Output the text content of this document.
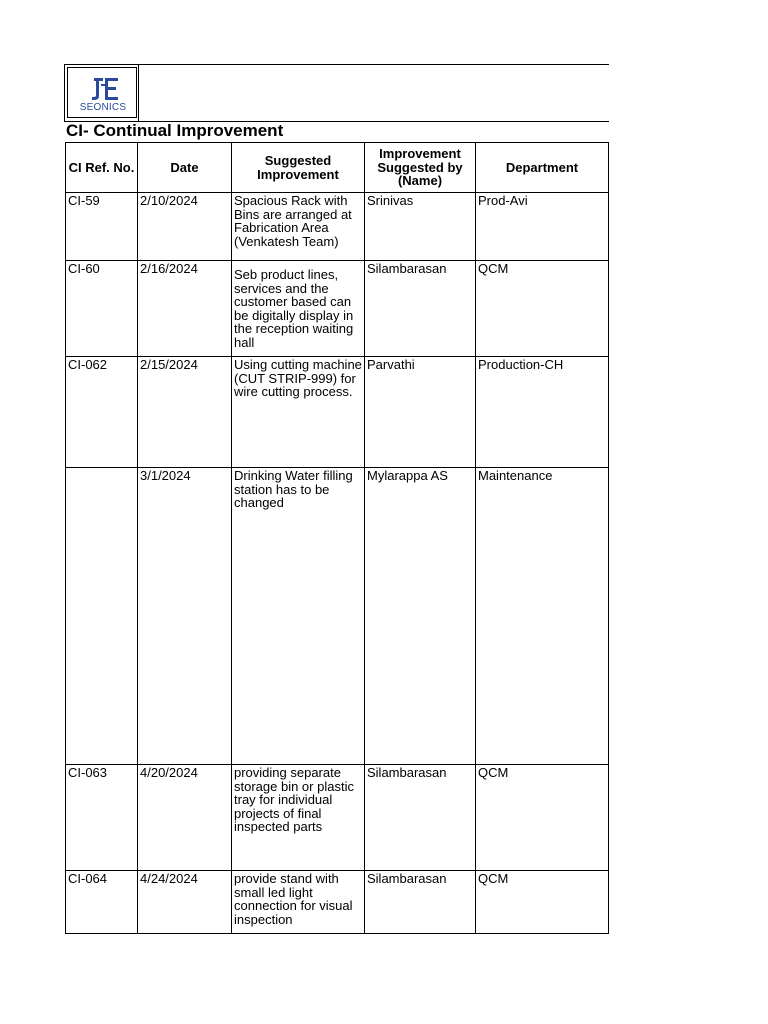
SEONICS
CI- Continual Improvement
CI Ref. No.	Date	Suggested Improvement	Improvement Suggested by (Name)	Department
CI-59	2/10/2024	Spacious Rack with Bins are arranged at Fabrication Area (Venkatesh Team)	Srinivas	Prod-Avi
CI-60	2/16/2024	Seb product lines, services and the customer based can be digitally display in the reception waiting hall	Silambarasan	QCM
CI-062	2/15/2024	Using cutting machine (CUT STRIP-999) for wire cutting process.	Parvathi	Production-CH
	3/1/2024	Drinking Water filling station has to be changed	Mylarappa AS	Maintenance
CI-063	4/20/2024	providing separate storage bin or plastic tray for individual projects of final inspected parts	Silambarasan	QCM
CI-064	4/24/2024	provide stand with small led light connection for visual inspection	Silambarasan	QCM
